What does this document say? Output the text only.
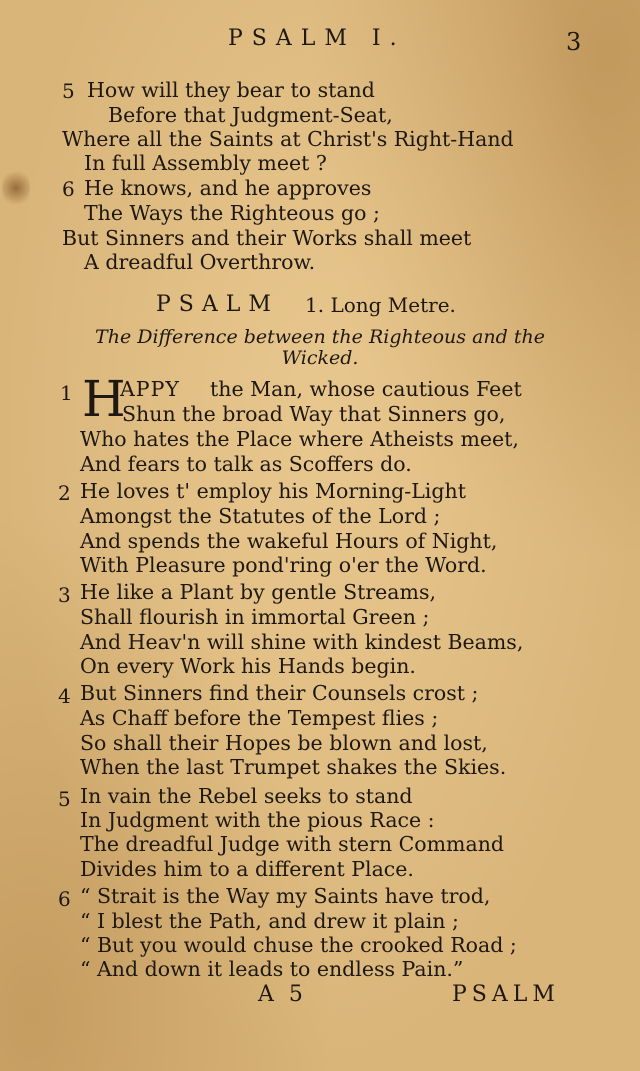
PSALM I.	3
5 How will they bear to stand
Before that Judgment-Seat,
Where all the Saints at Christ's Right-Hand
In full Assembly meet ?
6 He knows, and he approves
The Ways the Righteous go ;
But Sinners and their Works shall meet
A dreadful Overthrow.
PSALM 1. Long Metre.
The Difference between the Righteous and the
Wicked.
1 H
APPY the Man, whose cautious Feet
Shun the broad Way that Sinners go,
Who hates the Place where Atheists meet,
And fears to talk as Scoffers do.
2 He loves t' employ his Morning-Light
Amongst the Statutes of the Lord ;
And spends the wakeful Hours of Night,
With Pleasure pond'ring o'er the Word.
3 He like a Plant by gentle Streams,
Shall flourish in immortal Green ;
And Heav'n will shine with kindest Beams,
On every Work his Hands begin.
4 But Sinners find their Counsels crost ;
As Chaff before the Tempest flies ;
So shall their Hopes be blown and lost,
When the last Trumpet shakes the Skies.
5 In vain the Rebel seeks to stand
In Judgment with the pious Race :
The dreadful Judge with stern Command
Divides him to a different Place.
6 “ Strait is the Way my Saints have trod,
“ I blest the Path, and drew it plain ;
“ But you would chuse the crooked Road ;
“ And down it leads to endless Pain.”
A 5	PSALM
